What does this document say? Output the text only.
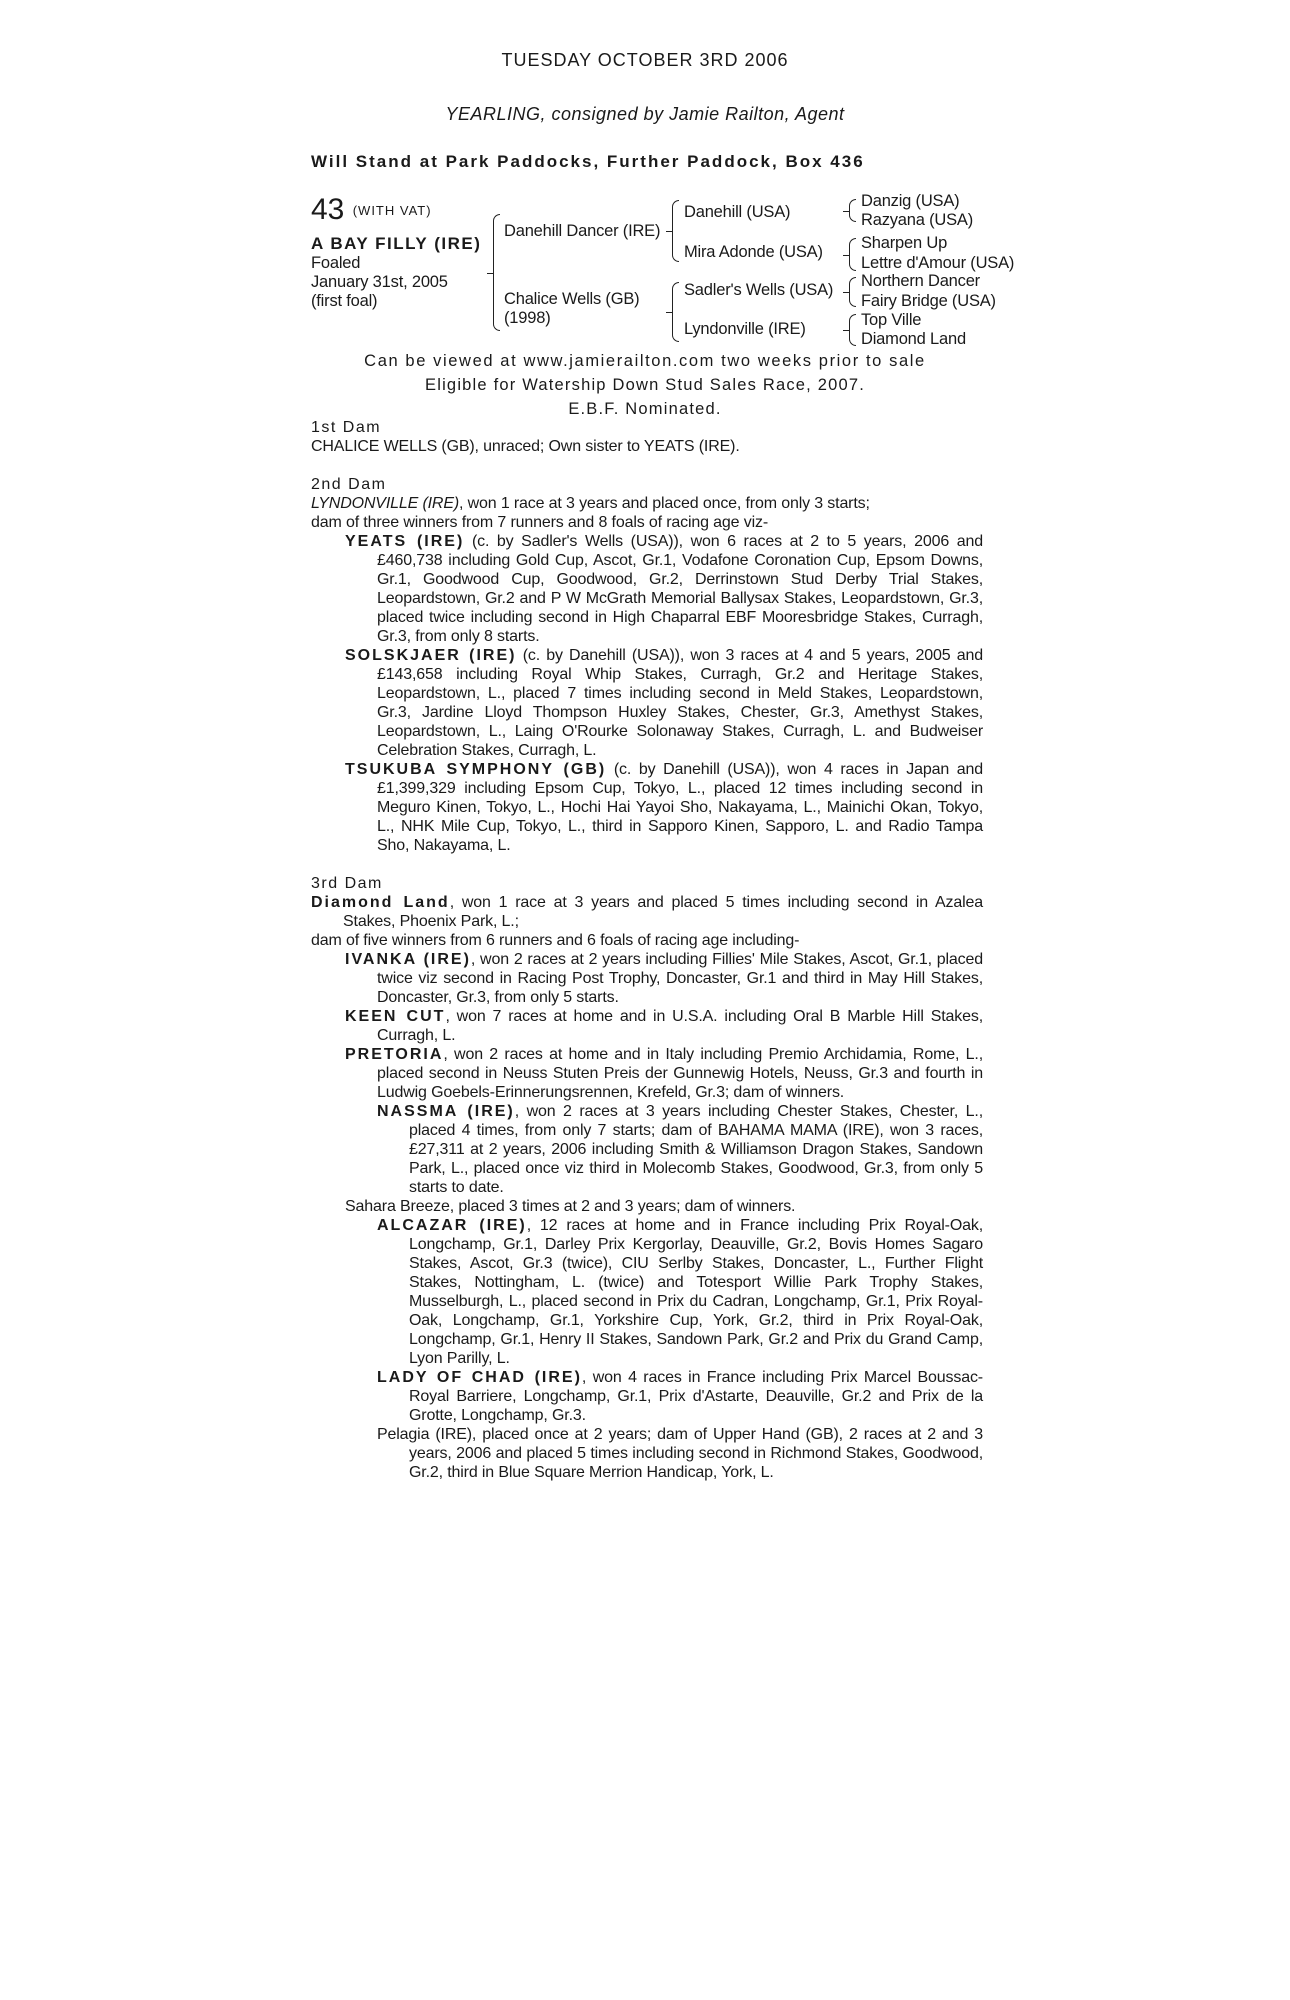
TUESDAY OCTOBER 3RD 2006
YEARLING, consigned by Jamie Railton, Agent
Will Stand at Park Paddocks, Further Paddock, Box 436
43 (WITH VAT)
A BAY FILLY (IRE)
Foaled
January 31st, 2005
(first foal)
Danehill Dancer (IRE)
Chalice Wells (GB)
(1998)
Danehill (USA)
Mira Adonde (USA)
Sadler's Wells (USA)
Lyndonville (IRE)
Danzig (USA)
Razyana (USA)
Sharpen Up
Lettre d'Amour (USA)
Northern Dancer
Fairy Bridge (USA)
Top Ville
Diamond Land
Can be viewed at www.jamierailton.com two weeks prior to sale
Eligible for Watership Down Stud Sales Race, 2007.
E.B.F. Nominated.

1st Dam

CHALICE WELLS (GB), unraced; Own sister to YEATS (IRE).

2nd Dam

LYNDONVILLE (IRE), won 1 race at 3 years and placed once, from only 3 starts;

dam of three winners from 7 runners and 8 foals of racing age viz-

YEATS (IRE) (c. by Sadler's Wells (USA)), won 6 races at 2 to 5 years, 2006 and £460,738 including Gold Cup, Ascot, Gr.1, Vodafone Coronation Cup, Epsom Downs, Gr.1, Goodwood Cup, Goodwood, Gr.2, Derrinstown Stud Derby Trial Stakes, Leopardstown, Gr.2 and P W McGrath Memorial Ballysax Stakes, Leopardstown, Gr.3, placed twice including second in High Chaparral EBF Mooresbridge Stakes, Curragh, Gr.3, from only 8 starts.

SOLSKJAER (IRE) (c. by Danehill (USA)), won 3 races at 4 and 5 years, 2005 and £143,658 including Royal Whip Stakes, Curragh, Gr.2 and Heritage Stakes, Leopardstown, L., placed 7 times including second in Meld Stakes, Leopardstown, Gr.3, Jardine Lloyd Thompson Huxley Stakes, Chester, Gr.3, Amethyst Stakes, Leopardstown, L., Laing O'Rourke Solonaway Stakes, Curragh, L. and Budweiser Celebration Stakes, Curragh, L.

TSUKUBA SYMPHONY (GB) (c. by Danehill (USA)), won 4 races in Japan and £1,399,329 including Epsom Cup, Tokyo, L., placed 12 times including second in Meguro Kinen, Tokyo, L., Hochi Hai Yayoi Sho, Nakayama, L., Mainichi Okan, Tokyo, L., NHK Mile Cup, Tokyo, L., third in Sapporo Kinen, Sapporo, L. and Radio Tampa Sho, Nakayama, L.

3rd Dam

Diamond Land, won 1 race at 3 years and placed 5 times including second in Azalea Stakes, Phoenix Park, L.;

dam of five winners from 6 runners and 6 foals of racing age including-

IVANKA (IRE), won 2 races at 2 years including Fillies' Mile Stakes, Ascot, Gr.1, placed twice viz second in Racing Post Trophy, Doncaster, Gr.1 and third in May Hill Stakes, Doncaster, Gr.3, from only 5 starts.

KEEN CUT, won 7 races at home and in U.S.A. including Oral B Marble Hill Stakes, Curragh, L.

PRETORIA, won 2 races at home and in Italy including Premio Archidamia, Rome, L., placed second in Neuss Stuten Preis der Gunnewig Hotels, Neuss, Gr.3 and fourth in Ludwig Goebels-Erinnerungsrennen, Krefeld, Gr.3; dam of winners.

NASSMA (IRE), won 2 races at 3 years including Chester Stakes, Chester, L., placed 4 times, from only 7 starts; dam of BAHAMA MAMA (IRE), won 3 races, £27,311 at 2 years, 2006 including Smith & Williamson Dragon Stakes, Sandown Park, L., placed once viz third in Molecomb Stakes, Goodwood, Gr.3, from only 5 starts to date.

Sahara Breeze, placed 3 times at 2 and 3 years; dam of winners.

ALCAZAR (IRE), 12 races at home and in France including Prix Royal-Oak, Longchamp, Gr.1, Darley Prix Kergorlay, Deauville, Gr.2, Bovis Homes Sagaro Stakes, Ascot, Gr.3 (twice), CIU Serlby Stakes, Doncaster, L., Further Flight Stakes, Nottingham, L. (twice) and Totesport Willie Park Trophy Stakes, Musselburgh, L., placed second in Prix du Cadran, Longchamp, Gr.1, Prix Royal-Oak, Longchamp, Gr.1, Yorkshire Cup, York, Gr.2, third in Prix Royal-Oak, Longchamp, Gr.1, Henry II Stakes, Sandown Park, Gr.2 and Prix du Grand Camp, Lyon Parilly, L.

LADY OF CHAD (IRE), won 4 races in France including Prix Marcel Boussac-Royal Barriere, Longchamp, Gr.1, Prix d'Astarte, Deauville, Gr.2 and Prix de la Grotte, Longchamp, Gr.3.

Pelagia (IRE), placed once at 2 years; dam of Upper Hand (GB), 2 races at 2 and 3 years, 2006 and placed 5 times including second in Richmond Stakes, Goodwood, Gr.2, third in Blue Square Merrion Handicap, York, L.
